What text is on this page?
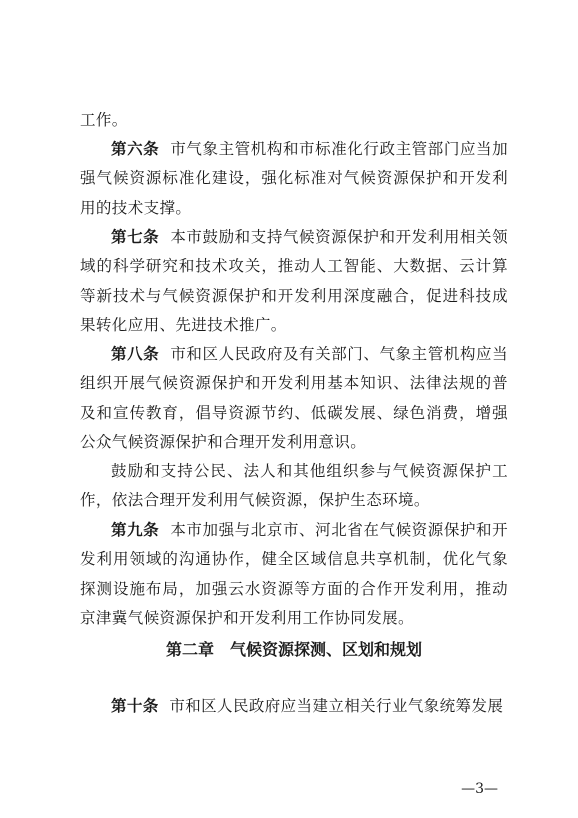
工作。

第六条 市气象主管机构和市标准化行政主管部门应当加强气候资源标准化建设，强化标准对气候资源保护和开发利用的技术支撑。

第七条 本市鼓励和支持气候资源保护和开发利用相关领域的科学研究和技术攻关，推动人工智能、大数据、云计算等新技术与气候资源保护和开发利用深度融合，促进科技成果转化应用、先进技术推广。

第八条 市和区人民政府及有关部门、气象主管机构应当组织开展气候资源保护和开发利用基本知识、法律法规的普及和宣传教育，倡导资源节约、低碳发展、绿色消费，增强公众气候资源保护和合理开发利用意识。

鼓励和支持公民、法人和其他组织参与气候资源保护工作，依法合理开发利用气候资源，保护生态环境。

第九条 本市加强与北京市、河北省在气候资源保护和开发利用领域的沟通协作，健全区域信息共享机制，优化气象探测设施布局，加强云水资源等方面的合作开发利用，推动京津冀气候资源保护和开发利用工作协同发展。

第二章　气候资源探测、区划和规划

第十条 市和区人民政府应当建立相关行业气象统筹发展

—3—
